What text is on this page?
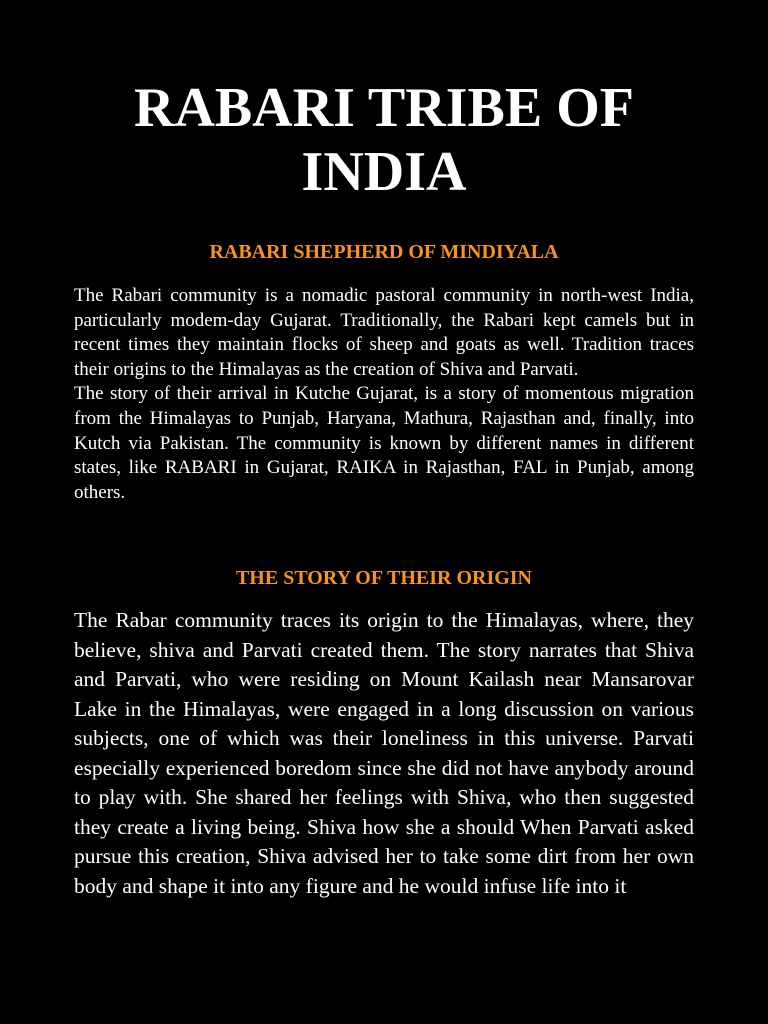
RABARI TRIBE OF
INDIA
RABARI SHEPHERD OF MINDIYALA
The Rabari community is a nomadic pastoral community in north-west India, particularly modem-day Gujarat. Traditionally, the Rabari kept camels but in recent times they maintain flocks of sheep and goats as well. Tradition traces their origins to the Himalayas as the creation of Shiva and Parvati.
The story of their arrival in Kutche Gujarat, is a story of momentous migration from the Himalayas to Punjab, Haryana, Mathura, Rajasthan and, finally, into Kutch via Pakistan. The community is known by different names in different states, like RABARI in Gujarat, RAIKA in Rajasthan, FAL in Punjab, among others.
THE STORY OF THEIR ORIGIN

The Rabar community traces its origin to the Himalayas, where, they believe, shiva and Parvati created them. The story narrates that Shiva and Parvati, who were residing on Mount Kailash near Mansarovar Lake in the Himalayas, were engaged in a long discussion on various subjects, one of which was their loneliness in this universe. Parvati especially experienced boredom since she did not have anybody around to play with. She shared her feelings with Shiva, who then suggested they create a living being. Shiva how she a should When Parvati asked pursue this creation, Shiva advised her to take some dirt from her own body and shape it into any figure and he would infuse life into it
